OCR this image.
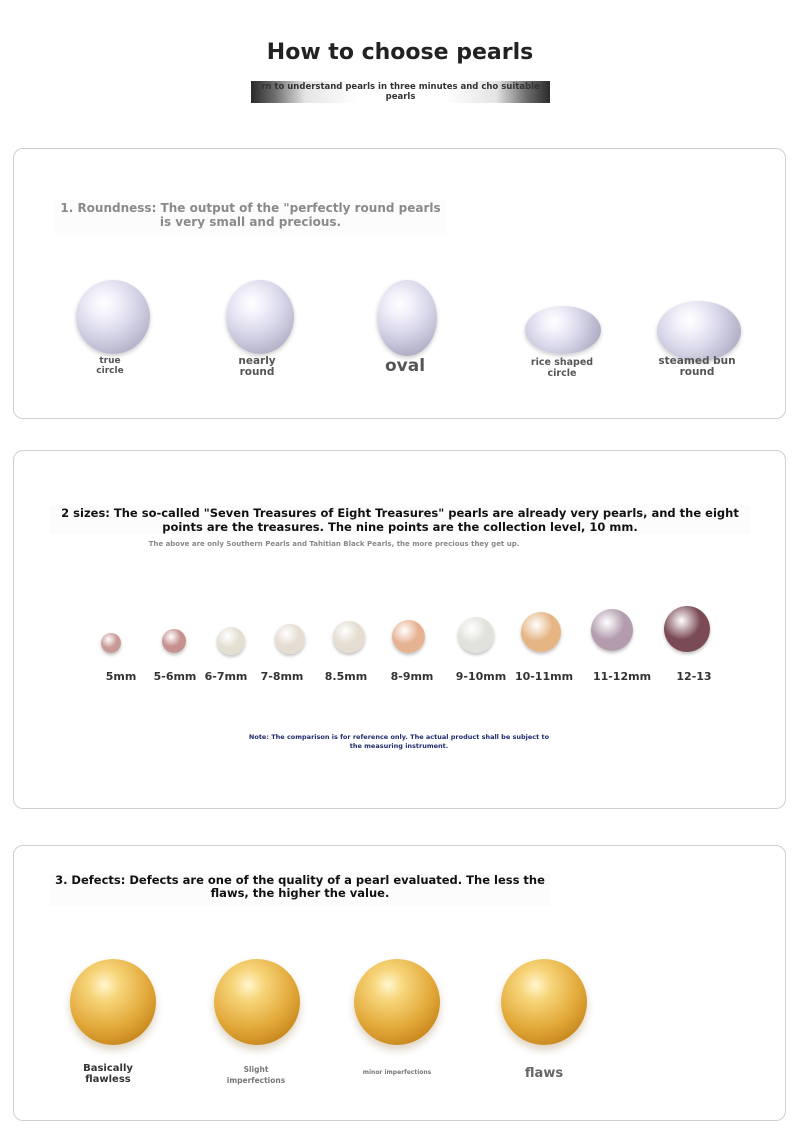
How to choose pearls
rn to understand pearls in three minutes and cho suitable pearls
1. Roundness: The output of the "perfectly round pearls is very small and precious.
true circle
nearly round	oval	rice shaped circle
steamed bun round
2 sizes: The so-called "Seven Treasures of Eight Treasures" pearls are already very pearls, and the eight points are the treasures. The nine points are the collection level, 10 mm.
The above are only Southern Pearls and Tahitian Black Pearls, the more precious they get up.
5mm	5-6mm 6-7mm	7-8mm	8.5mm	8-9mm	9-10mm 10-11mm	11-12mm	12-13
Note: The comparison is for reference only. The actual product shall be subject to the measuring instrument.
3. Defects: Defects are one of the quality of a pearl evaluated. The less the flaws, the higher the value.
Basically flawless
Slight imperfections
minor imperfections	flaws
